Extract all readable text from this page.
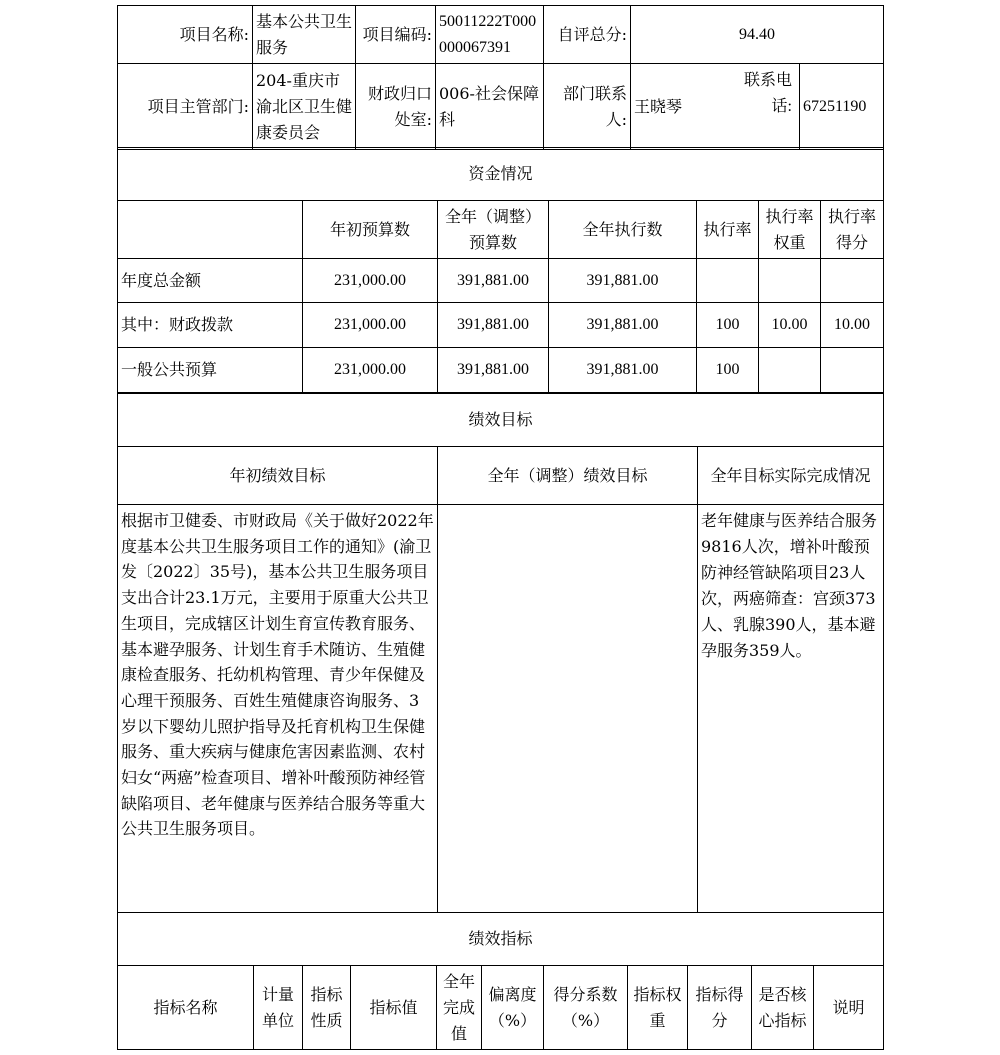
项目名称:	基本公共卫生服务	项目编码:	50011222T000000067391	自评总分:	94.40	
项目主管部门:	204-重庆市渝北区卫生健康委员会	财政归口处室:	006-社会保障科	部门联系人:	王晓琴	联系电话: 67251190
资金情况						
	年初预算数	全年（调整）预算数	全年执行数	执行率	执行率权重	执行率得分
年度总金额	231,000.00	391,881.00	391,881.00			
其中：财政拨款	231,000.00	391,881.00	391,881.00	100	10.00	10.00
一般公共预算	231,000.00	391,881.00	391,881.00	100		
绩效目标		
年初绩效目标	全年（调整）绩效目标	全年目标实际完成情况
根据市卫健委、市财政局《关于做好2022年度基本公共卫生服务项目工作的通知》(渝卫发〔2022〕35号)，基本公共卫生服务项目支出合计23.1万元，主要用于原重大公共卫生项目，完成辖区计划生育宣传教育服务、基本避孕服务、计划生育手术随访、生殖健康检查服务、托幼机构管理、青少年保健及心理干预服务、百姓生殖健康咨询服务、3岁以下婴幼儿照护指导及托育机构卫生保健服务、重大疾病与健康危害因素监测、农村妇女“两癌”检查项目、增补叶酸预防神经管缺陷项目、老年健康与医养结合服务等重大公共卫生服务项目。		老年健康与医养结合服务9816人次，增补叶酸预防神经管缺陷项目23人次，两癌筛查：宫颈373人、乳腺390人，基本避孕服务359人。
绩效指标
指标名称	计量单位	指标性质	指标值	全年完成值	偏离度（%）	得分系数（%）	指标权重	指标得分	是否核心指标	说明
